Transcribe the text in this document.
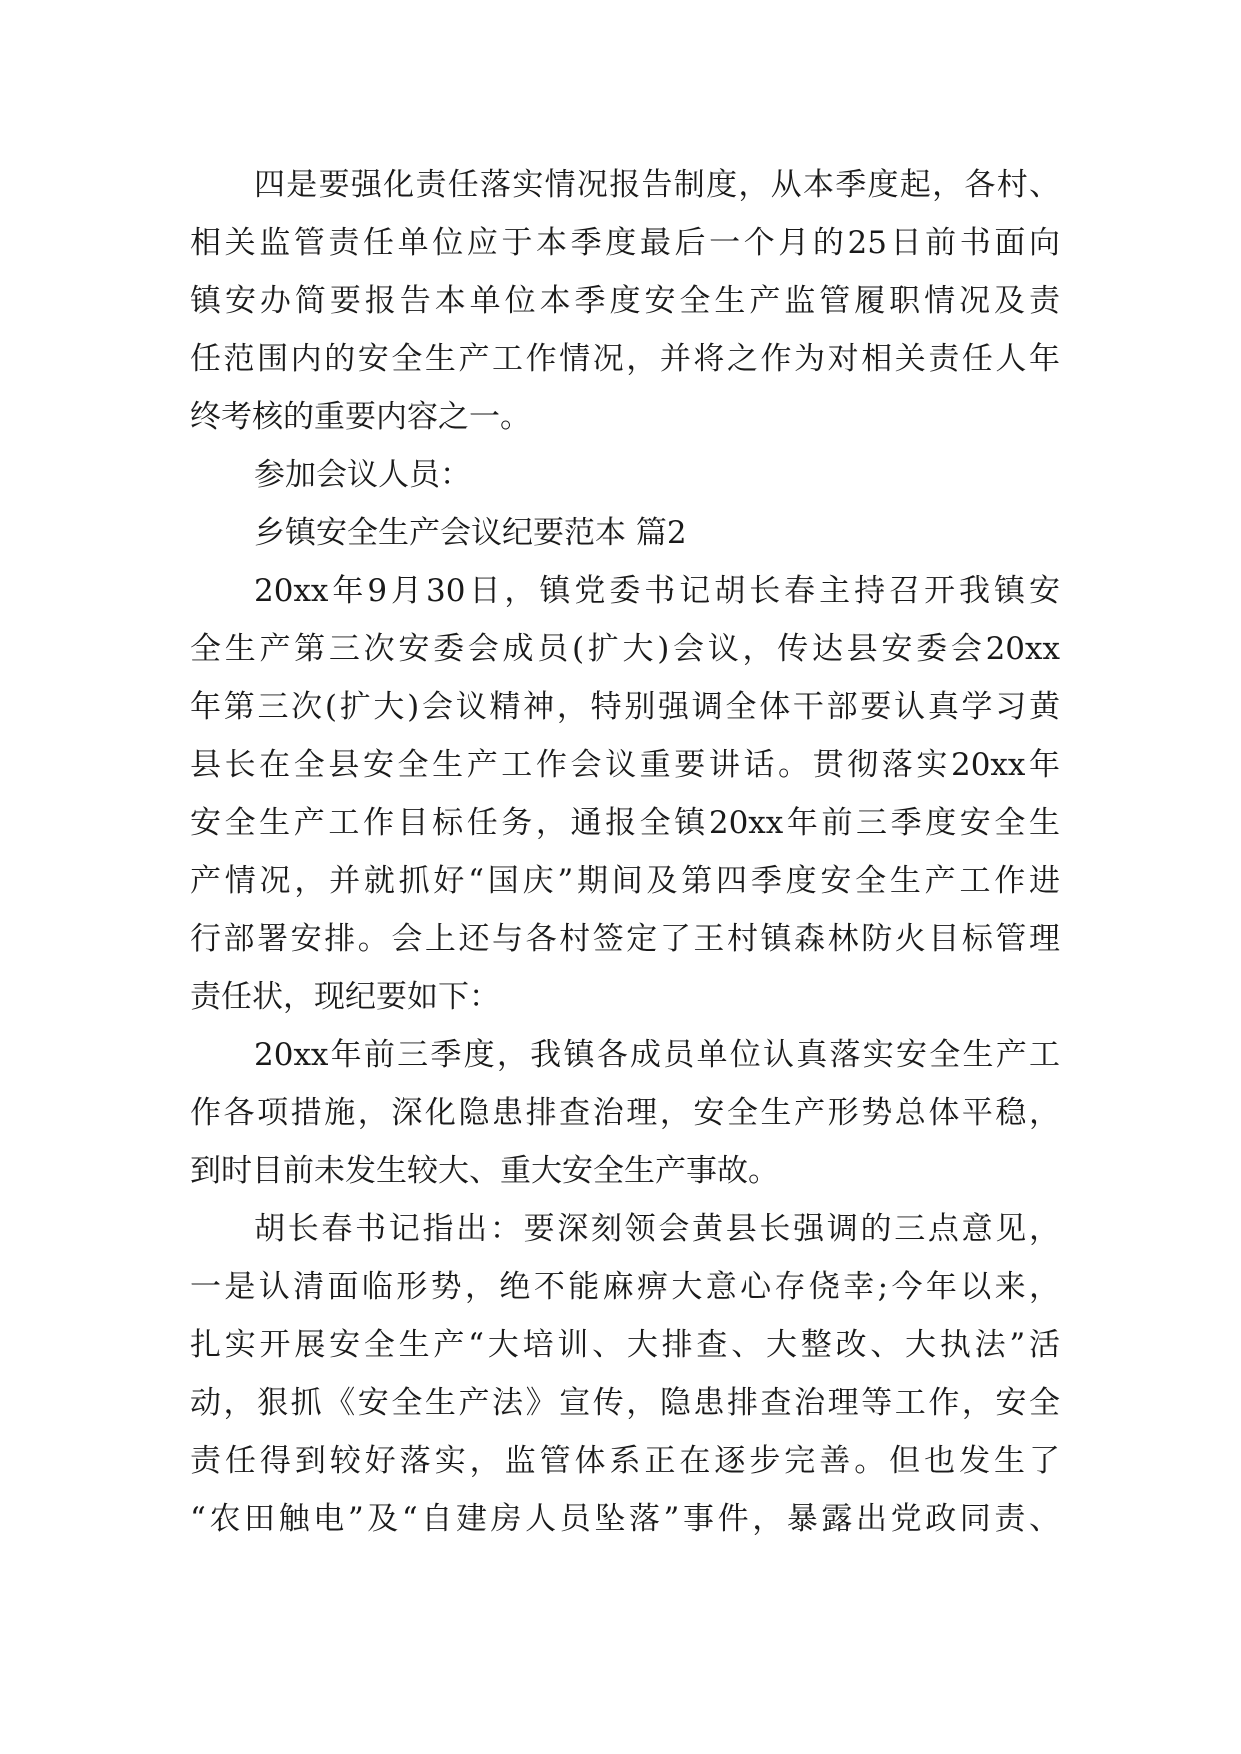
四是要强化责任落实情况报告制度，从本季度起，各村、
相关监管责任单位应于本季度最后一个月的25日前书面向
镇安办简要报告本单位本季度安全生产监管履职情况及责
任范围内的安全生产工作情况，并将之作为对相关责任人年
终考核的重要内容之一。
参加会议人员：
乡镇安全生产会议纪要范本 篇2
20xx年9月30日，镇党委书记胡长春主持召开我镇安
全生产第三次安委会成员(扩大)会议，传达县安委会20xx
年第三次(扩大)会议精神，特别强调全体干部要认真学习黄
县长在全县安全生产工作会议重要讲话。贯彻落实20xx年
安全生产工作目标任务，通报全镇20xx年前三季度安全生
产情况，并就抓好“国庆”期间及第四季度安全生产工作进
行部署安排。会上还与各村签定了王村镇森林防火目标管理
责任状，现纪要如下：
20xx年前三季度，我镇各成员单位认真落实安全生产工
作各项措施，深化隐患排查治理，安全生产形势总体平稳，
到时目前未发生较大、重大安全生产事故。
胡长春书记指出：要深刻领会黄县长强调的三点意见，
一是认清面临形势，绝不能麻痹大意心存侥幸;今年以来，
扎实开展安全生产“大培训、大排查、大整改、大执法”活
动，狠抓《安全生产法》宣传，隐患排查治理等工作，安全
责任得到较好落实，监管体系正在逐步完善。但也发生了
“农田触电”及“自建房人员坠落”事件，暴露出党政同责、
